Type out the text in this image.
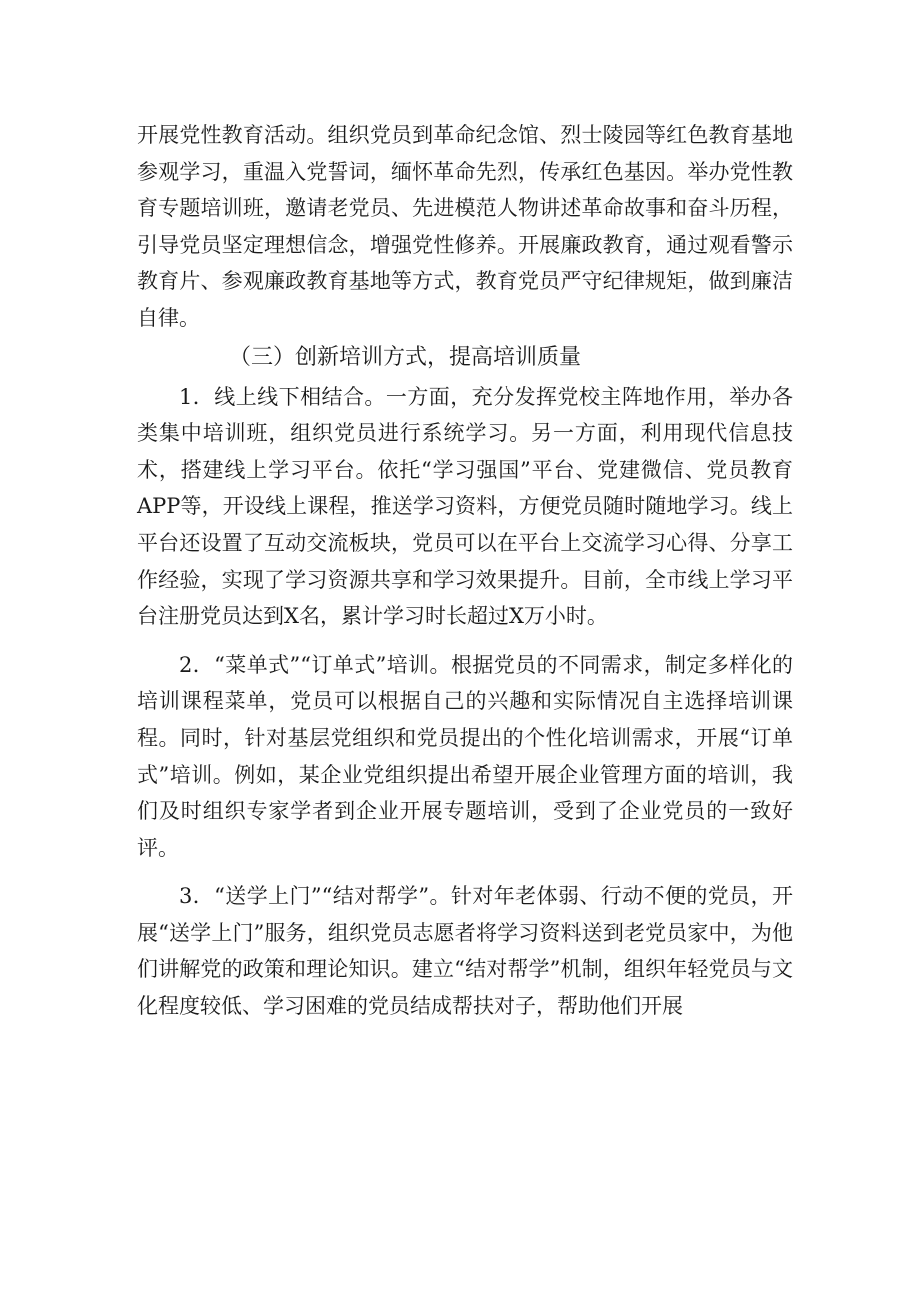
开展党性教育活动。组织党员到革命纪念馆、烈士陵园等红色教育基地参观学习，重温入党誓词，缅怀革命先烈，传承红色基因。举办党性教育专题培训班，邀请老党员、先进模范人物讲述革命故事和奋斗历程，引导党员坚定理想信念，增强党性修养。开展廉政教育，通过观看警示教育片、参观廉政教育基地等方式，教育党员严守纪律规矩，做到廉洁自律。

（三）创新培训方式，提高培训质量

1．线上线下相结合。一方面，充分发挥党校主阵地作用，举办各类集中培训班，组织党员进行系统学习。另一方面，利用现代信息技术，搭建线上学习平台。依托“学习强国”平台、党建微信、党员教育APP等，开设线上课程，推送学习资料，方便党员随时随地学习。线上平台还设置了互动交流板块，党员可以在平台上交流学习心得、分享工作经验，实现了学习资源共享和学习效果提升。目前，全市线上学习平台注册党员达到X名，累计学习时长超过X万小时。

2．“菜单式”“订单式”培训。根据党员的不同需求，制定多样化的培训课程菜单，党员可以根据自己的兴趣和实际情况自主选择培训课程。同时，针对基层党组织和党员提出的个性化培训需求，开展“订单式”培训。例如，某企业党组织提出希望开展企业管理方面的培训，我们及时组织专家学者到企业开展专题培训，受到了企业党员的一致好评。

3．“送学上门”“结对帮学”。针对年老体弱、行动不便的党员，开展“送学上门”服务，组织党员志愿者将学习资料送到老党员家中，为他们讲解党的政策和理论知识。建立“结对帮学”机制，组织年轻党员与文化程度较低、学习困难的党员结成帮扶对子，帮助他们开展
